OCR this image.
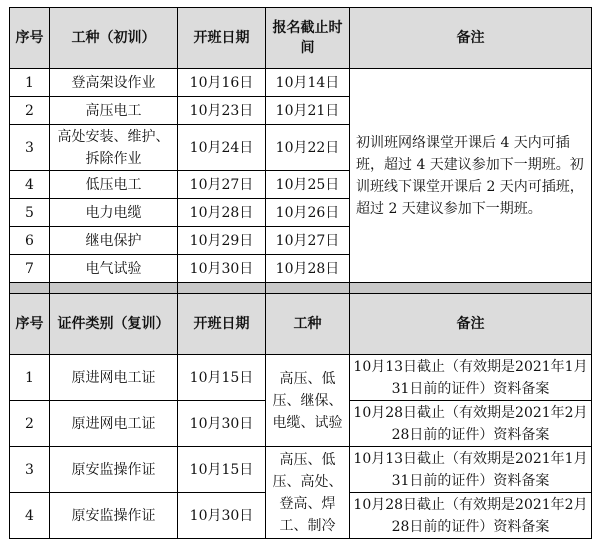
序号	工种（初训）	开班日期	报名截止时间	备注
1	登高架设作业	10月16日	10月14日	初训班网络课堂开课后 4 天内可插班，超过 4 天建议参加下一期班。初训班线下课堂开课后 2 天内可插班，超过 2 天建议参加下一期班。
2	高压电工	10月23日	10月21日	
3	高处安装、维护、拆除作业	10月24日	10月22日	
4	低压电工	10月27日	10月25日	
5	电力电缆	10月28日	10月26日	
6	继电保护	10月29日	10月27日	
7	电气试验	10月30日	10月28日	

序号	证件类别（复训）	开班日期	工种	备注
1	原进网电工证	10月15日	高压、低压、继保、电缆、试验	10月13日截止（有效期是2021年1月31日前的证件）资料备案
2	原进网电工证	10月30日		10月28日截止（有效期是2021年2月28日前的证件）资料备案
3	原安监操作证	10月15日	高压、低压、高处、登高、焊工、制冷	10月13日截止（有效期是2021年1月31日前的证件）资料备案
4	原安监操作证	10月30日		10月28日截止（有效期是2021年2月28日前的证件）资料备案
